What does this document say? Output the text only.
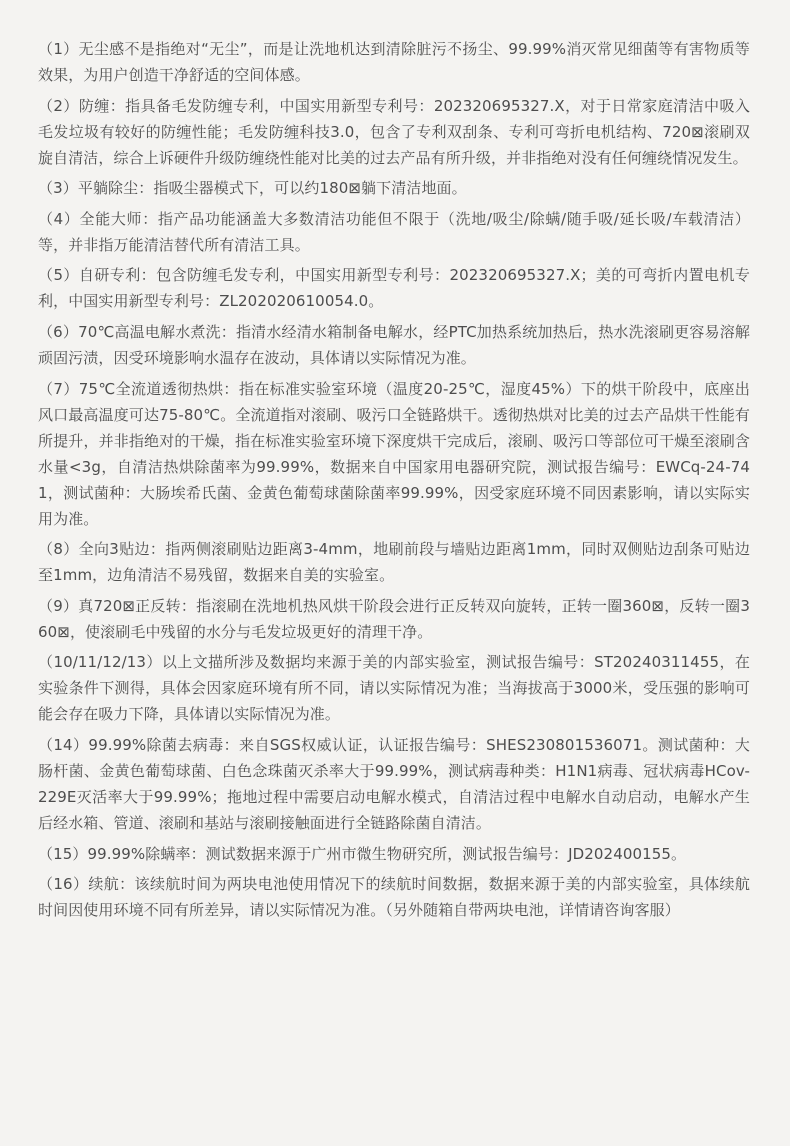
（1）无尘感不是指绝对“无尘”，而是让洗地机达到清除脏污不扬尘、99.99%消灭常见细菌等有害物质等效果，为用户创造干净舒适的空间体感。
（2）防缠：指具备毛发防缠专利，中国实用新型专利号：202320695327.X，对于日常家庭清洁中吸入毛发垃圾有较好的防缠性能；毛发防缠科技3.0，包含了专利双刮条、专利可弯折电机结构、720⊠滚刷双旋自清洁，综合上诉硬件升级防缠绕性能对比美的过去产品有所升级，并非指绝对没有任何缠绕情况发生。
（3）平躺除尘：指吸尘器模式下，可以约180⊠躺下清洁地面。
（4）全能大师：指产品功能涵盖大多数清洁功能但不限于（洗地/吸尘/除螨/随手吸/延长吸/车载清洁）等，并非指万能清洁替代所有清洁工具。
（5）自研专利：包含防缠毛发专利，中国实用新型专利号：202320695327.X；美的可弯折内置电机专利，中国实用新型专利号：ZL202020610054.0。
（6）70℃高温电解水煮洗：指清水经清水箱制备电解水，经PTC加热系统加热后，热水洗滚刷更容易溶解顽固污渍，因受环境影响水温存在波动，具体请以实际情况为准。
（7）75℃全流道透彻热烘：指在标准实验室环境（温度20-25℃，湿度45%）下的烘干阶段中，底座出风口最高温度可达75-80℃。全流道指对滚刷、吸污口全链路烘干。透彻热烘对比美的过去产品烘干性能有所提升，并非指绝对的干燥，指在标准实验室环境下深度烘干完成后，滚刷、吸污口等部位可干燥至滚刷含水量<3g，自清洁热烘除菌率为99.99%，数据来自中国家用电器研究院，测试报告编号：EWCq-24-741，测试菌种：大肠埃希氏菌、金黄色葡萄球菌除菌率99.99%，因受家庭环境不同因素影响，请以实际实用为准。
（8）全向3贴边：指两侧滚刷贴边距离3-4mm，地刷前段与墙贴边距离1mm，同时双侧贴边刮条可贴边至1mm，边角清洁不易残留，数据来自美的实验室。
（9）真720⊠正反转：指滚刷在洗地机热风烘干阶段会进行正反转双向旋转，正转一圈360⊠，反转一圈360⊠，使滚刷毛中残留的水分与毛发垃圾更好的清理干净。
（10/11/12/13）以上文描所涉及数据均来源于美的内部实验室，测试报告编号：ST20240311455，在实验条件下测得，具体会因家庭环境有所不同，请以实际情况为准；当海拔高于3000米，受压强的影响可能会存在吸力下降，具体请以实际情况为准。
（14）99.99%除菌去病毒：来自SGS权威认证，认证报告编号：SHES230801536071。测试菌种：大肠杆菌、金黄色葡萄球菌、白色念珠菌灭杀率大于99.99%，测试病毒种类：H1N1病毒、冠状病毒HCov-229E灭活率大于99.99%；拖地过程中需要启动电解水模式，自清洁过程中电解水自动启动，电解水产生后经水箱、管道、滚刷和基站与滚刷接触面进行全链路除菌自清洁。
（15）99.99%除螨率：测试数据来源于广州市微生物研究所，测试报告编号：JD202400155。
（16）续航：该续航时间为两块电池使用情况下的续航时间数据，数据来源于美的内部实验室，具体续航时间因使用环境不同有所差异，请以实际情况为准。（另外随箱自带两块电池，详情请咨询客服）
